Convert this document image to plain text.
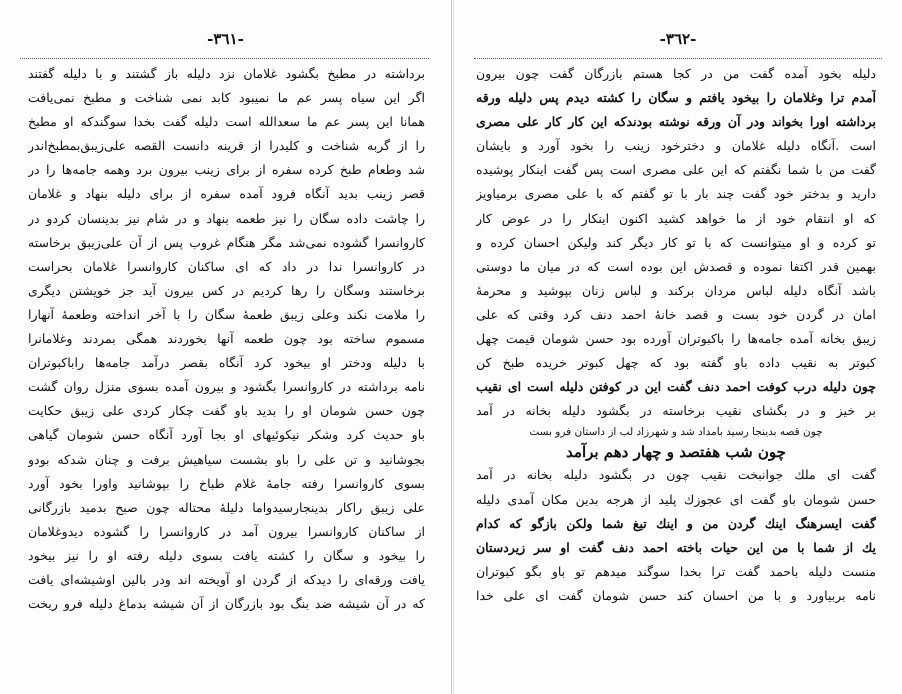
-٣٦١-
برداشته در مطبخ بگشود غلامان نزد دلیله باز گشتند و با دلیله گفتند
اگر این سیاه پسر عم ما نمیبود کابد نمی شناخت و مطبخ نمی‌یافت
همانا این پسر عم ما سعدالله است دلیله گفت بخدا سوگندکه او مطبخ
را از گربه شناخت و کلیدرا از قرینه دانست القصه علی‌زیبق‌بمطبخ‌اندر
شد وطعام طبخ کرده سفره از برای زینب بیرون برد وهمه جامه‌ها را در
قصر زینب بدید آنگاه فرود آمده سفره از برای دلیله بنهاد و غلامان
را چاشت داده سگان را نیز طعمه بنهاد و در شام نیز بدینسان کردو در
کاروانسرا گشوده نمی‌شد مگر هنگام غروب پس از آن علی‌زیبق برخاسته
در کاروانسرا ندا در داد که ای ساکنان کاروانسرا غلامان بحراست
برخاستند وسگان را رها کردیم در کس بیرون آید جز خویشتن دیگری
را ملامت نکند وعلی زیبق طعمهٔ سگان را با آخر انداخته وطعمهٔ آنهارا
مسموم ساخته بود چون طعمه آنها بخوردند همگی بمردند وغلامانرا
با دلیله ودختر او بیخود کرد آنگاه بقصر درآمد جامه‌ها راباکبوتران
نامه برداشته در کاروانسرا بگشود و بیرون آمده بسوی منزل روان گشت
چون حسن شومان او را بدید باو گفت چکار کردی علی زیبق حکایت
باو حدیث کرد وشکر نیکوئیهای او بجا آورد آنگاه حسن شومان گیاهی
بجوشانید و تن علی را باو بشست سیاهیش برفت و چنان شدکه بودو
بسوی کاروانسرا رفته جامهٔ غلام طباخ را بپوشانید واورا بخود آورد
علی زیبق راکار بدینجارسیدواما دلیلهٔ محتاله چون صبح بدمید بازرگانی
از ساکنان کاروانسرا بیرون آمد در کاروانسرا را گشوده دیدوغلامان
را بیخود و سگان را کشته یافت بسوی دلیله رفته او را نیز بیخود
یافت ورقه‌ای را دیدکه از گردن او آویخته اند ودر بالین اوشیشه‌ای یافت
که در آن شیشه ضد بنگ بود بازرگان از آن شیشه بدماغ دلیله فرو ریخت
-٣٦٢-
دلیله بخود آمده گفت من در کجا هستم بازرگان گفت چون بیرون
آمدم ترا وغلامان را بیخود یافتم و سگان را کشته دیدم پس دلیله ورقه
برداشته اورا بخواند ودر آن ورقه نوشته بودندکه این کار کار علی مصری
است .آنگاه دلیله غلامان و دخترخود زینب را بخود آورد و بایشان
گفت من با شما نگفتم که این علی مصری است پس گفت اینکار پوشیده
دارید و بدختر خود گفت چند بار با تو گفتم که با علی مصری برمیاویز
که او انتقام خود از ما خواهد کشید اکنون اینکار را در عوض کار
تو کرده و او میتوانست که با تو کار دیگر کند ولیکن احسان کرده و
بهمین قدر اکتفا نموده و قصدش این بوده است که در میان ما دوستی
باشد آنگاه دلیله لباس مردان برکند و لباس زنان بپوشید و محرمهٔ
امان در گردن خود بست و قصد خانهٔ احمد دنف کرد وقتی که علی
زیبق بخانه آمده جامه‌ها را باکبوتران آورده بود حسن شومان قیمت چهل
کبوتر به نقیب داده باو گفته بود که چهل کبوتر خریده طبخ کن
چون دلیله درب کوفت احمد دنف گفت این در کوفتن دلیله است ای نقیب
بر خیز و در بگشای نقیب برخاسته در بگشود دلیله بخانه در آمد
چون قصه بدینجا رسید بامداد شد و شهرزاد لب از داستان فرو بست
چون شب هفتصد و چهار دهم برآمد
گفت ای ملك جوانبخت نقیب چون در بگشود دلیله بخانه در آمد
حسن شومان باو گفت ای عجوزك پلید از هرجه بدین مکان آمدی دلیله
گفت ایسرهنگ اینك گردن من و اینك تیغ شما ولکن بازگو که کدام
يك از شما با من این حیات باخته احمد دنف گفت او سر زیردستان
منست دلیله باحمد گفت ترا بخدا سوگند میدهم تو باو بگو کبوتران
نامه بربیاورد و با من احسان کند حسن شومان گفت ای علی خدا
